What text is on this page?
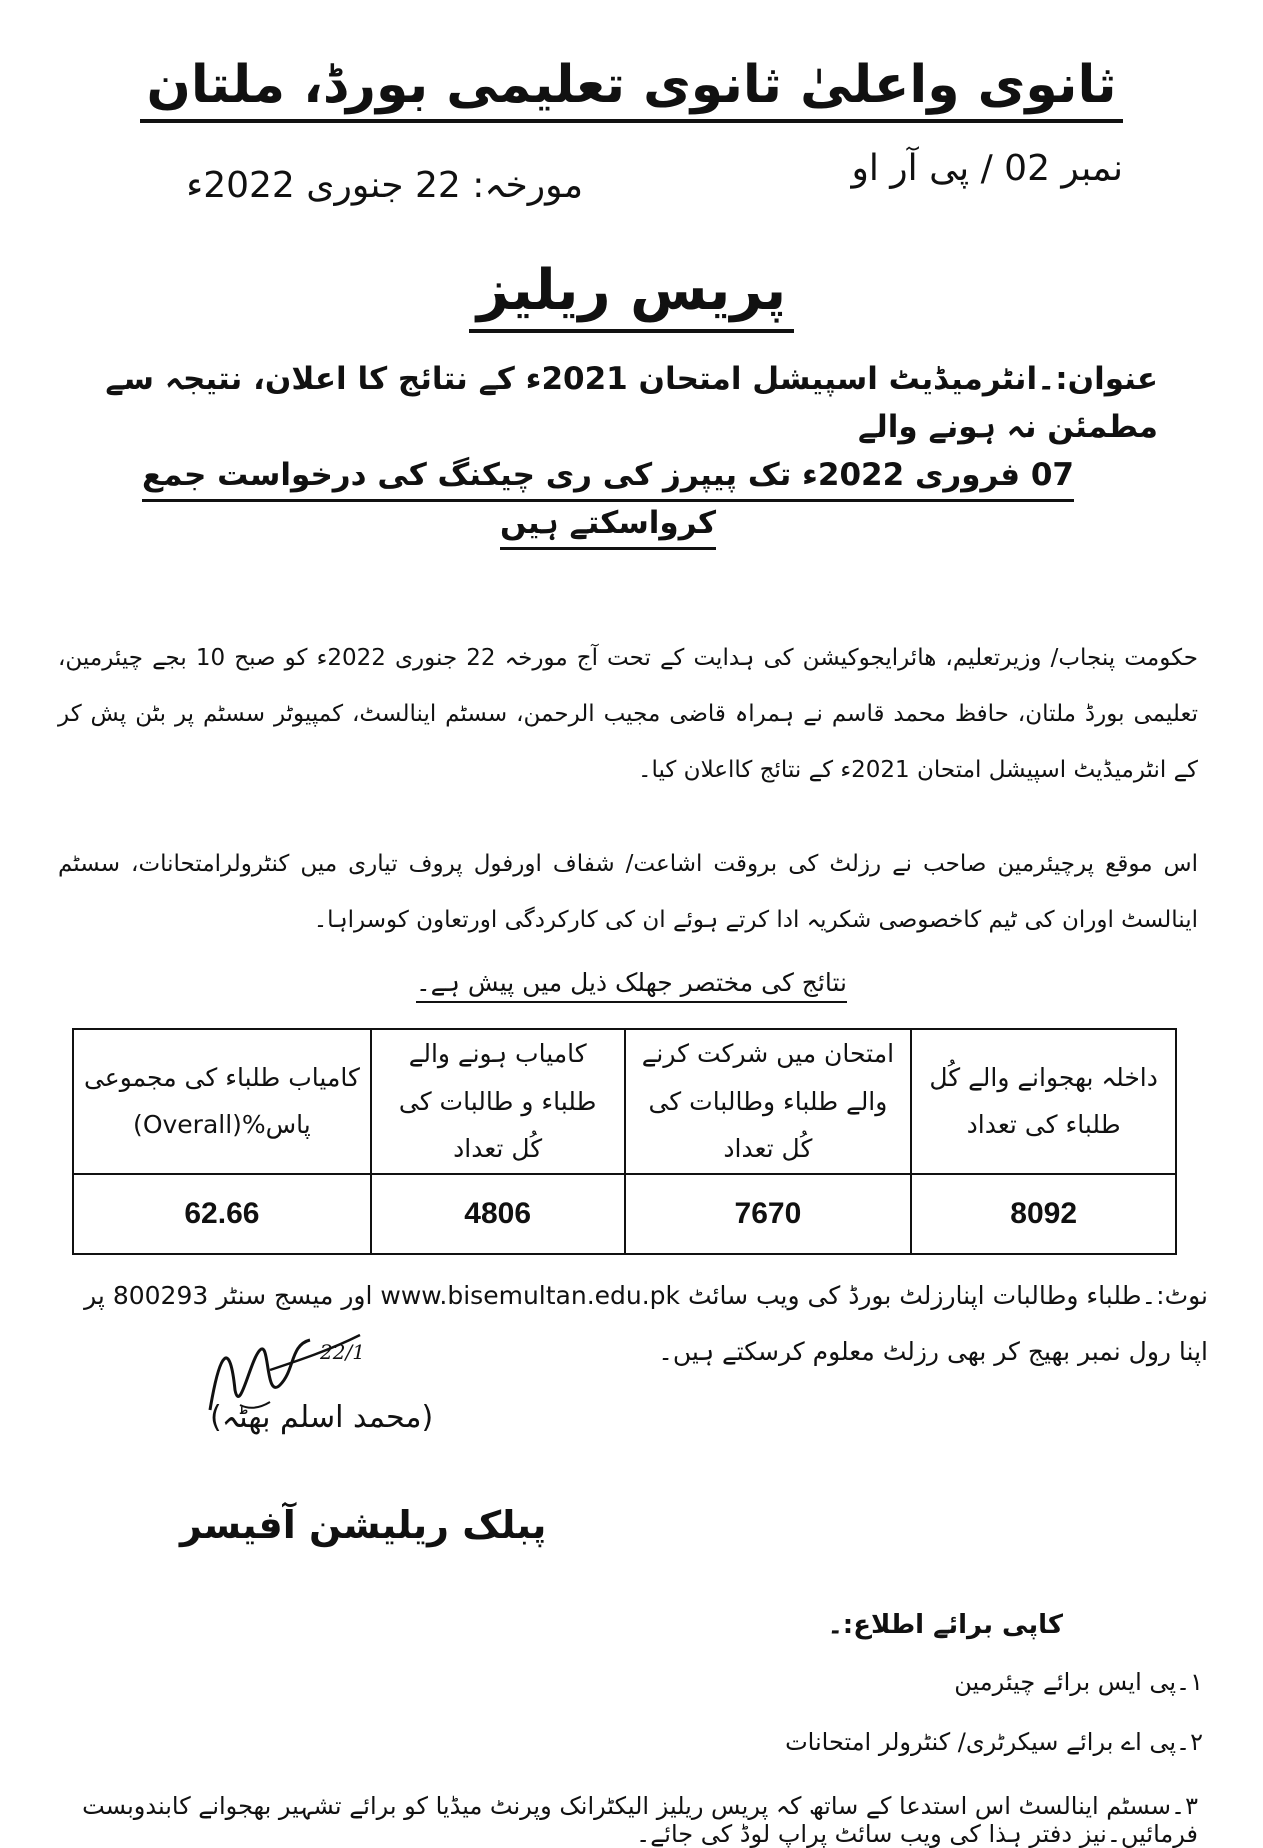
ثانوی واعلیٰ ثانوی تعلیمی بورڈ، ملتان
نمبر 02 / پی آر او
مورخہ: 22 جنوری 2022ء
پریس ریلیز
عنوان:۔انٹرمیڈیٹ اسپیشل امتحان 2021ء کے نتائج کا اعلان، نتیجہ سے مطمئن نہ ہونے والے
07 فروری 2022ء تک پیپرز کی ری چیکنگ کی درخواست جمع کرواسکتے ہیں
حکومت پنجاب/ وزیرتعلیم، ھائرایجوکیشن کی ہدایت کے تحت آج مورخہ 22 جنوری 2022ء کو صبح 10 بجے چیئرمین، تعلیمی بورڈ ملتان، حافظ محمد قاسم نے ہمراہ قاضی مجیب الرحمن، سسٹم اینالسٹ، کمپیوٹر سسٹم پر بٹن پش کر کے انٹرمیڈیٹ اسپیشل امتحان 2021ء کے نتائج کااعلان کیا۔
اس موقع پرچیئرمین صاحب نے رزلٹ کی بروقت اشاعت/ شفاف اورفول پروف تیاری میں کنٹرولرامتحانات، سسٹم اینالسٹ اوران کی ٹیم کاخصوصی شکریہ ادا کرتے ہوئے ان کی کارکردگی اورتعاون کوسراہا۔
نتائج کی مختصر جھلک ذیل میں پیش ہے۔
داخلہ بھجوانے والے کُل طلباء کی تعداد	امتحان میں شرکت کرنے والے طلباء وطالبات کی کُل تعداد	کامیاب ہونے والے طلباء و طالبات کی کُل تعداد	کامیاب طلباء کی مجموعی پاس%(Overall)
8092	7670	4806	62.66
نوٹ:۔طلباء وطالبات اپنارزلٹ بورڈ کی ویب سائٹ www.bisemultan.edu.pk اور میسج سنٹر 800293 پر اپنا رول نمبر بھیج کر بھی رزلٹ معلوم کرسکتے ہیں۔
22/1
(محمد اسلم بھٹہ)
پبلک ریلیشن آفیسر
کاپی برائے اطلاع:۔
۱۔پی ایس برائے چیئرمین
۲۔پی اے برائے سیکرٹری/ کنٹرولر امتحانات
۳۔سسٹم اینالسٹ اس استدعا کے ساتھ کہ پریس ریلیز الیکٹرانک وپرنٹ میڈیا کو برائے تشہیر بھجوانے کابندوبست فرمائیں۔نیز دفتر ہذا کی ویب سائٹ پراپ لوڈ کی جائے۔
